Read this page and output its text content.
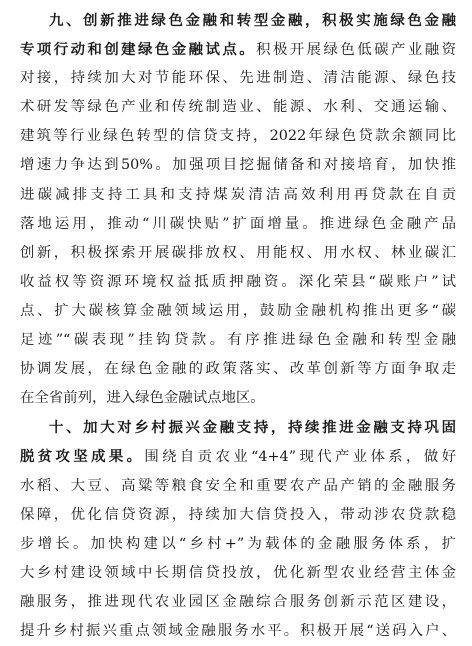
九、创新推进绿色金融和转型金融，积极实施绿色金融
专项行动和创建绿色金融试点。积极开展绿色低碳产业融资
对接，持续加大对节能环保、先进制造、清洁能源、绿色技
术研发等绿色产业和传统制造业、能源、水利、交通运输、
建筑等行业绿色转型的信贷支持，2022年绿色贷款余额同比
增速力争达到50%。加强项目挖掘储备和对接培育，加快推
进碳减排支持工具和支持煤炭清洁高效利用再贷款在自贡
落地运用，推动“川碳快贴”扩面增量。推进绿色金融产品
创新，积极探索开展碳排放权、用能权、用水权、林业碳汇
收益权等资源环境权益抵质押融资。深化荣县“碳账户”试
点、扩大碳核算金融领域运用，鼓励金融机构推出更多“碳
足迹”“碳表现”挂钩贷款。有序推进绿色金融和转型金融
协调发展，在绿色金融的政策落实、改革创新等方面争取走
在全省前列，进入绿色金融试点地区。
十、加大对乡村振兴金融支持，持续推进金融支持巩固
脱贫攻坚成果。围绕自贡农业“4+4”现代产业体系，做好
水稻、大豆、高粱等粮食安全和重要农产品产销的金融服务
保障，优化信贷资源，持续加大信贷投入，带动涉农贷款稳
步增长。加快构建以“乡村+”为载体的金融服务体系，扩
大乡村建设领域中长期信贷投放，优化新型农业经营主体金
融服务，推进现代农业园区金融综合服务创新示范区建设，
提升乡村振兴重点领域金融服务水平。积极开展“送码入户、
